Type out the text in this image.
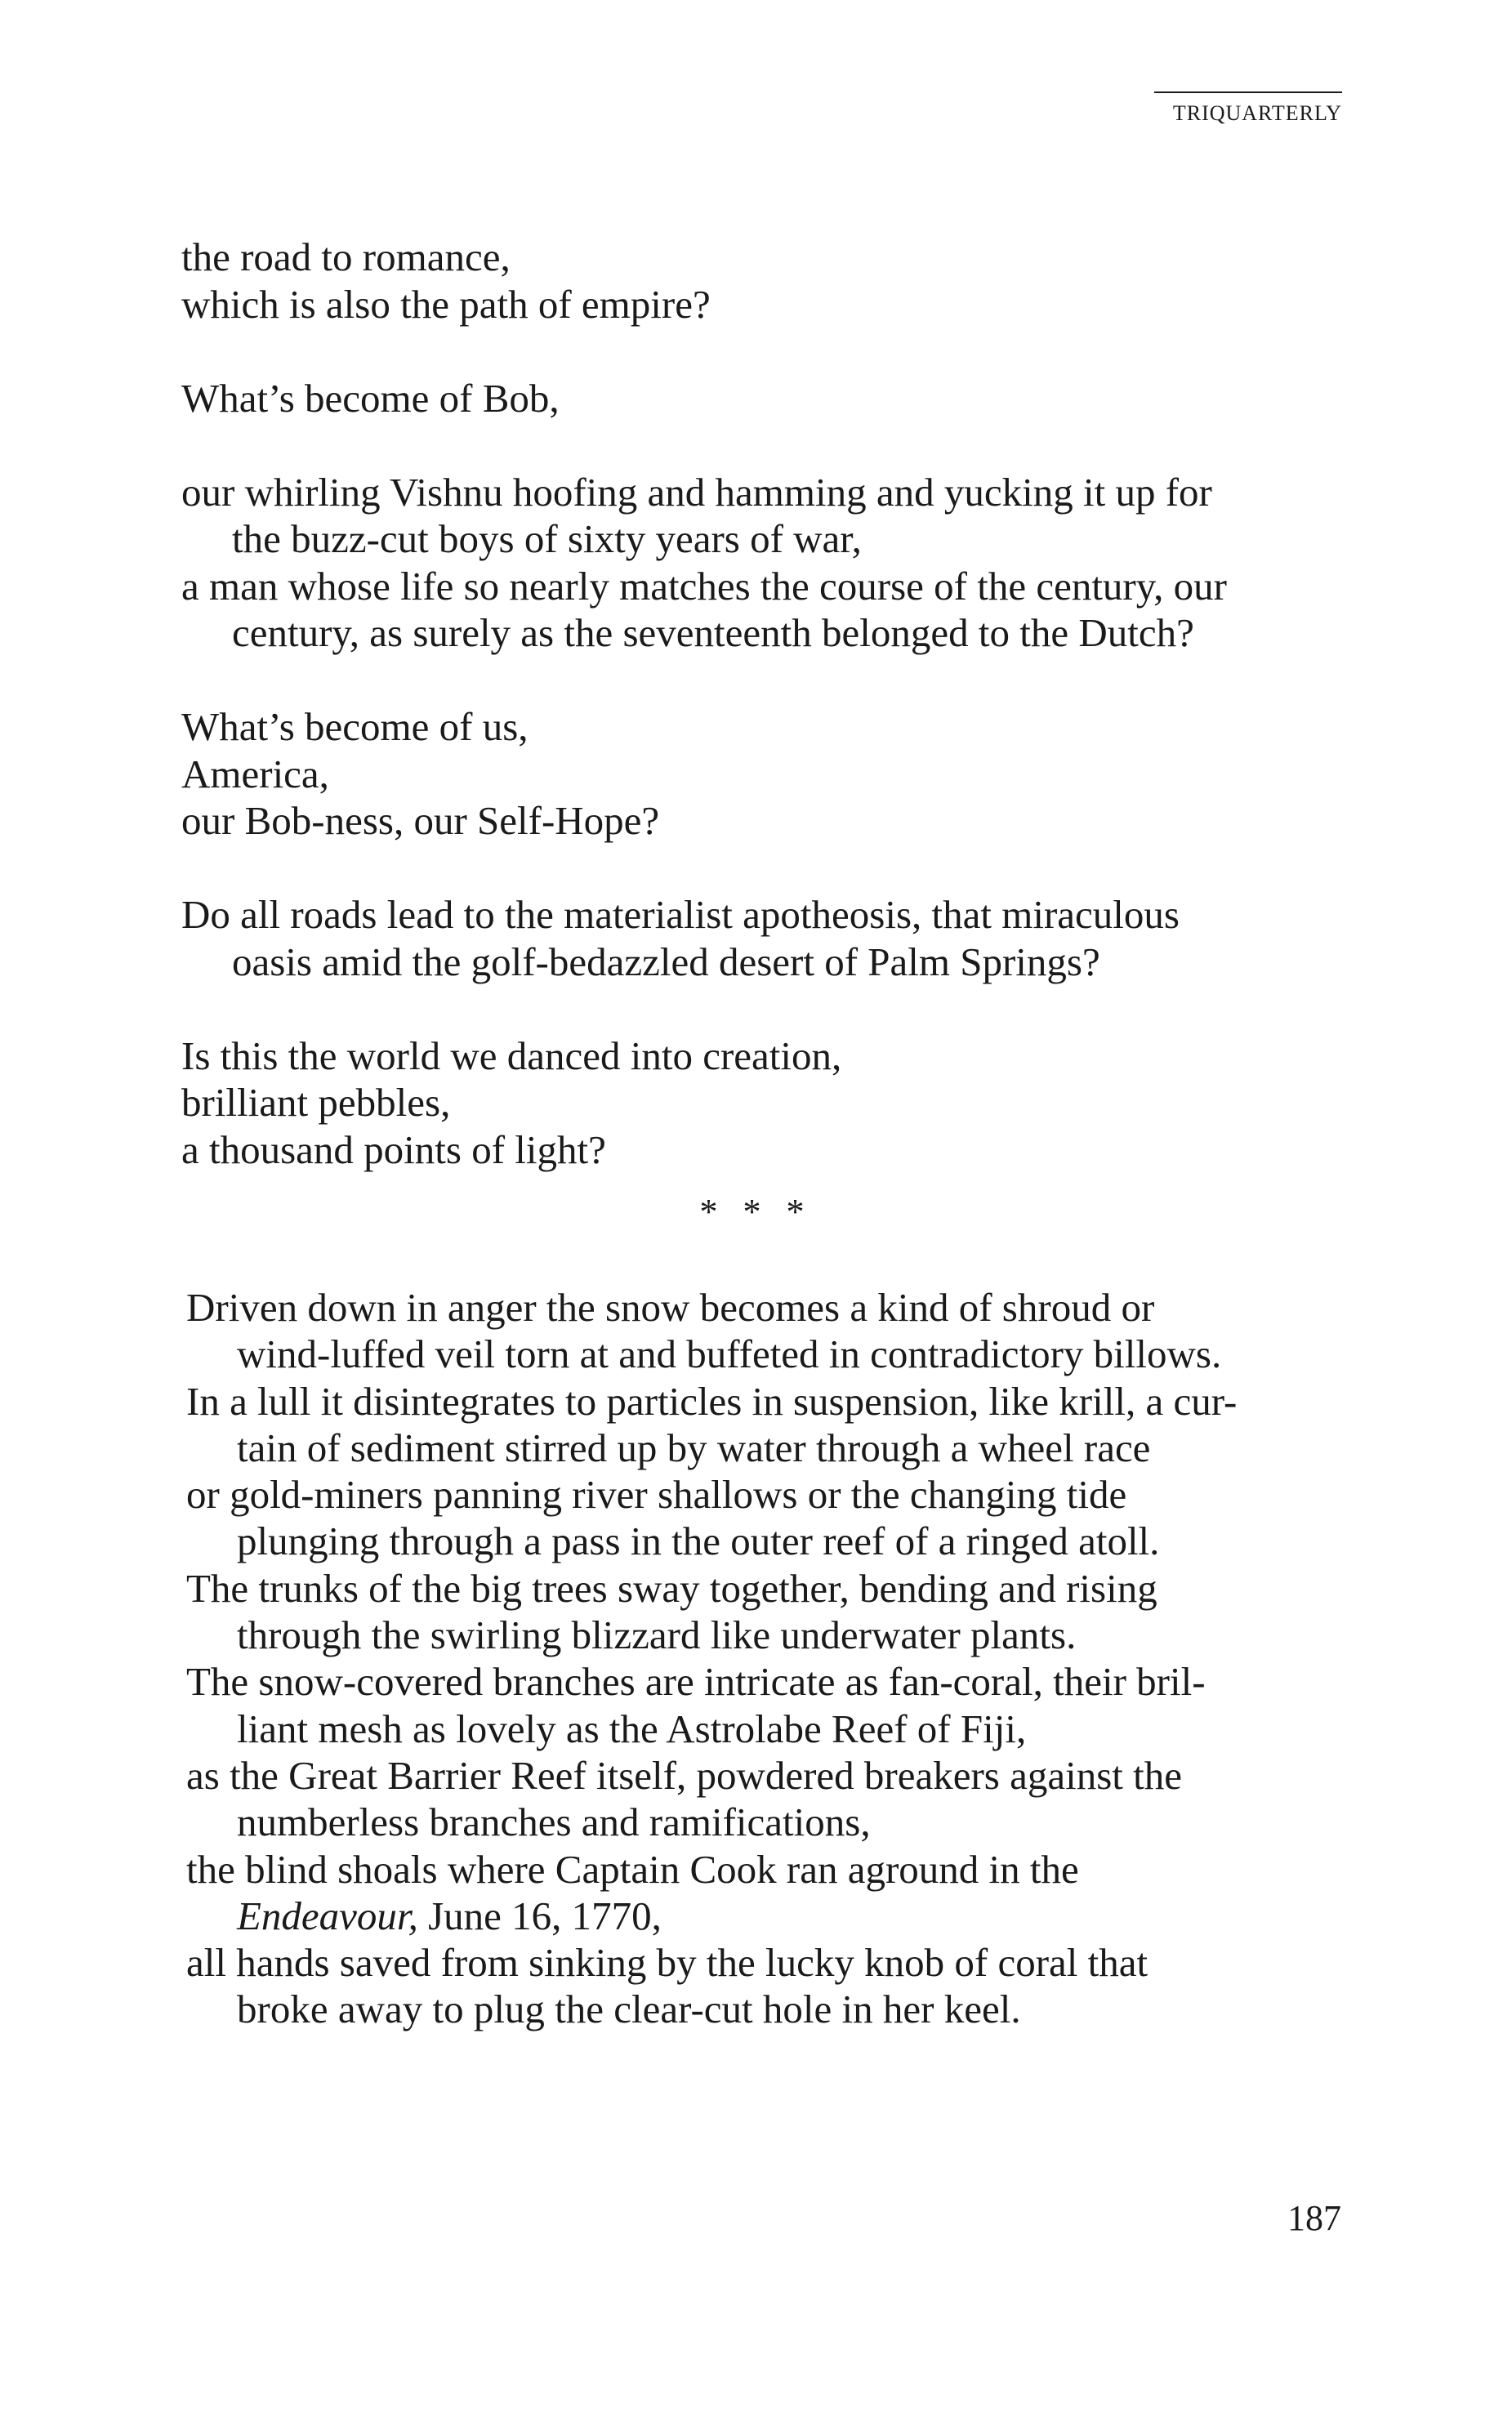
TRIQUARTERLY
the road to romance,
which is also the path of empire?
What’s become of Bob,
our whirling Vishnu hoofing and hamming and yucking it up for
the buzz-cut boys of sixty years of war,
a man whose life so nearly matches the course of the century, our
century, as surely as the seventeenth belonged to the Dutch?
What’s become of us,
America,
our Bob-ness, our Self-Hope?
Do all roads lead to the materialist apotheosis, that miraculous
oasis amid the golf-bedazzled desert of Palm Springs?
Is this the world we danced into creation,
brilliant pebbles,
a thousand points of light?
* * *
Driven down in anger the snow becomes a kind of shroud or
wind-luffed veil torn at and buffeted in contradictory billows.
In a lull it disintegrates to particles in suspension, like krill, a cur-
tain of sediment stirred up by water through a wheel race
or gold-miners panning river shallows or the changing tide
plunging through a pass in the outer reef of a ringed atoll.
The trunks of the big trees sway together, bending and rising
through the swirling blizzard like underwater plants.
The snow-covered branches are intricate as fan-coral, their bril-
liant mesh as lovely as the Astrolabe Reef of Fiji,
as the Great Barrier Reef itself, powdered breakers against the
numberless branches and ramifications,
the blind shoals where Captain Cook ran aground in the
Endeavour, June 16, 1770,
all hands saved from sinking by the lucky knob of coral that
broke away to plug the clear-cut hole in her keel.
187
